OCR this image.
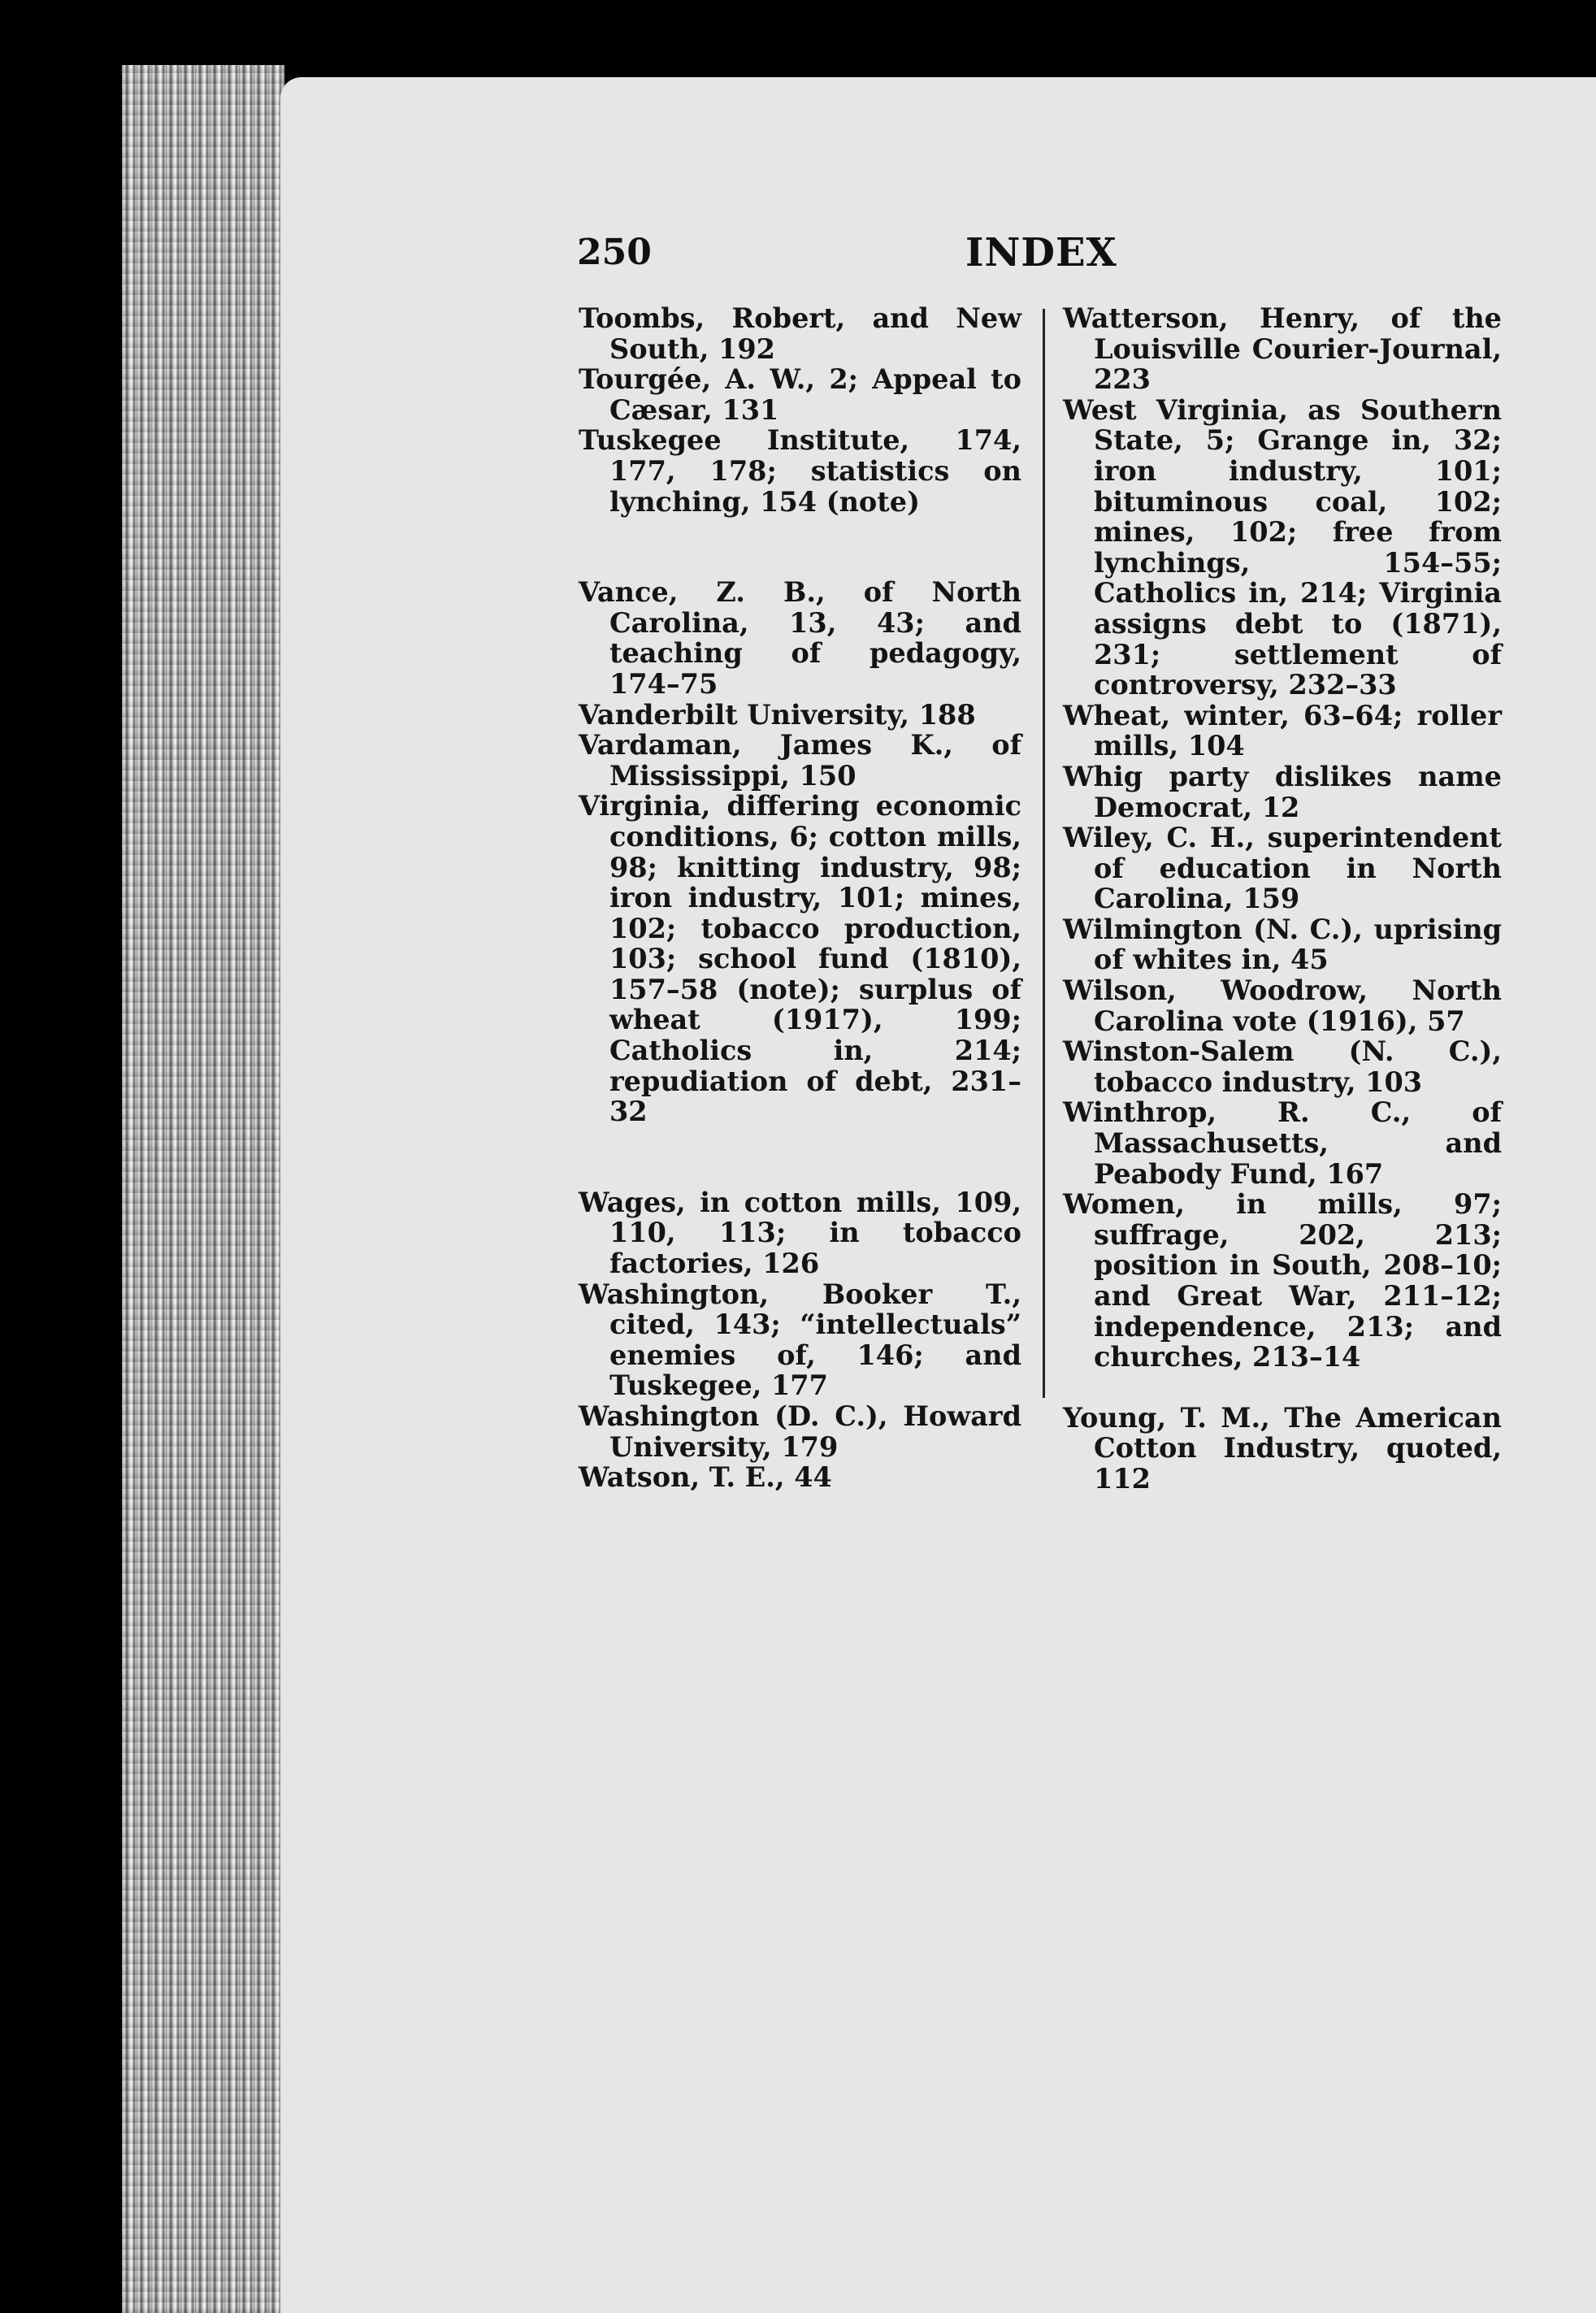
250	INDEX

Toombs, Robert, and New South, 192

Tourgée, A. W., 2; Appeal to Cæsar, 131

Tuskegee Institute, 174, 177, 178; statistics on lynching, 154 (note)

Vance, Z. B., of North Carolina, 13, 43; and teaching of pedagogy, 174–75

Vanderbilt University, 188

Vardaman, James K., of Mississippi, 150

Virginia, differing economic conditions, 6; cotton mills, 98; knitting industry, 98; iron industry, 101; mines, 102; tobacco production, 103; school fund (1810), 157–58 (note); surplus of wheat (1917), 199; Catholics in, 214; repudiation of debt, 231–32

Wages, in cotton mills, 109, 110, 113; in tobacco factories, 126

Washington, Booker T., cited, 143; “intellectuals” enemies of, 146; and Tuskegee, 177

Washington (D. C.), Howard University, 179

Watson, T. E., 44

Watterson, Henry, of the Louisville Courier-Journal, 223

West Virginia, as Southern State, 5; Grange in, 32; iron industry, 101; bituminous coal, 102; mines, 102; free from lynchings, 154–55; Catholics in, 214; Virginia assigns debt to (1871), 231; settlement of controversy, 232–33

Wheat, winter, 63–64; roller mills, 104

Whig party dislikes name Democrat, 12

Wiley, C. H., superintendent of education in North Carolina, 159

Wilmington (N. C.), uprising of whites in, 45

Wilson, Woodrow, North Carolina vote (1916), 57

Winston-Salem (N. C.), tobacco industry, 103

Winthrop, R. C., of Massachusetts, and Peabody Fund, 167

Women, in mills, 97; suffrage, 202, 213; position in South, 208–10; and Great War, 211–12; independence, 213; and churches, 213–14

Young, T. M., The American Cotton Industry, quoted, 112
